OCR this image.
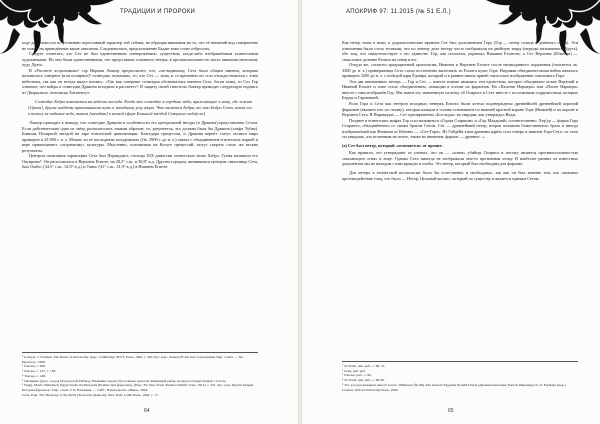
ТРАДИЦИИ И ПРОРОКИ

ходе деятельности по утонению агрессивный характер той собаки, не обращая внимания на то, что её внешний вид совершенно не похож на приведённые выше описания. Следовательно, предположение Бадже тоже стоит отбросить.

Следует отметить, что Сет не был единственным «невероятным» существом, когда-либо изображённым египетскими художниками. Но они были единственными, что представили основного нетера, в противоположность чисто анималистическому чуду Дуата.

В «Рассвете астрономии»¹ сэр Норман Локьер предполагает, что, «по-видимому, Сета было общим именем, которым называлось северное (или полярное)² созвездие; возможно, то, что Сет — тьма, и со временем он стал отождествляться с этим небесным, так как он всегда видел ночью». «Так как северные созвездия обозначались именем Сета, богов тьмы, то Сет Гор означает, что вайды в созвездии Дракона всходили в рассвете»³. В защиту своей гипотезы Локьер приводит следующую надпись из Дворцового летописца Хатшепсут:

Созвездие Бедра появляется на небесах восходя. Когда это созвездие в середине неба, прилегающие к нему, где лежит [Орион], другие найдены прикованными путь к западному углу взора. Что касается Бедра, то это Бедро Сета, покоя его к полюсу не видимое небо, таким [находят] в вечной сфере Большой звездой Северного неба[сла].

Локьер приходит к выводу, что созвездие Дракона и особенности его центральной звезды (α Дракона) представлены Сетом. Если действительно одна из звёзд располагалась такими образом, то, разумеется, это должна была бы Дракона (альфа Тубан). Бывшая Полярной звездой на заре египетской цивилизации. Благодаря прецессии, α Дракона вернёт статус полюса мира примерно в 23 000 г. н. э. Можно ли её последнюю полуднимать (Ок. 3900 г. до н. э.) связал с объединением египетских первой и вере приписывают «отцоватому» культуры. Мысленно, основанная на Когуге прецессий, могут сыграть столь же веские результаты.

Центром почитания характерна Сета был Пермиджет, столица XIX династии египетского нома Хабро. Гуемя называли его Оксиринх⁵. Он располагался в Верхнем Египте, на 28,5° с.ш. и 30,8° в.д. Другим городом, являвшимся центром святилища Сета, был Омбос (34,5° с.ш., 32,9° в.д.) и Танис (31° с.ш., 31,9° в.д.) в Нижнем Египте.

¹ Lockyer, J. Norman. The Dawn of Astronomy. (пер.: Cambridge: M.I.T. Press, 1964. с. 302. Рус. изд.: Локьер Н. Рассвет астрономии. Пер. с англ. — М.: Прогресс, 1988.
² Там же, с. 369.
³ Там же, с. 147; с. 158.
⁴ Там же, с. 148.
⁵ Оксиринх (греч. «город Остроносой Рыбы»). Название города обусловлено культом священной рыбы, которую отождествляли с Сетом.
⁶ Wagg, Mavis. Hebräisch, Egypt Under the Pharaohs (Египет при фараонах). (Пер.: Ed. New York: Sheldon Smith's Sons, 1913). с. 451. Рус. изд.: Бругш Генрих. История фараонов / Пер. с нем. Г. К. Власкина. — СПб.: Издательство «Нева», 2004.
Сети, Paul. The Theology of the Devil (Теология Дьявола). New York: Lamb Press, 1964. с. 17.
64
АПОКРИФ 97: 11.2015 (№ 51 Е.Л.)

Как нетер тьмы в ночи, в додинастические времена Сет был дополнением Гору (Гор — нетер солнца и дневного света). Эти отношения были столь тесными, что по левому деле нетеру часто изображали на двойную тиару (нередко называемого Хруть), обе лиц, что свидетельствует о его единстве. Гор, как полагали, управлял Нижним Египтом, а Сет Верхним (Южным) — смысловое деление Египта на север и юг.

Откуда же, согласно традиционной археологии, Нижнем и Верхнем Египте после неожиданного поражения (считается ок. 3300 до н. э.) приверженцы Сета стали постепенно вытеснять из Египта культ Гора. Видимая объединительная война началась примерно 3200 до н. э. с победой царя Ёдмира, который и в ранние имена принёс нилотское изображение соколиного Гора.

Эти два неизменных нетера — Гор и Сет — вместе взятые являлись тем единством, которое объединяло позже Верхний и Нижний Египет и тоже стало объединением, лежащим в основе их фараонов. На «Палетке Нармера» или «Плите Нармера» вместе с ним изображён Гор. Мы знаем эту знаменитую палетку об Осирисе и Сете вместе с постоянным содружеством, которые Бердж и Гармонией.

Роли Гора и Сета как нетеров исходных неверхь Египта были хотела подтверждены древнейшей древнейшей короной фараонов (вышито изо по сплаву), которая плащом в сплава основанием по нижней красной короне Гора (Нижней) и по короне в Верхнем Сета. В Пирамидах — Сет одновременно «Бог воды» на гвардии, как утверждал Ведж.

Позднее в египетских мифах Гор стал называться «Гором Старшим» и «Гор Младший» соответственно. Хер'ур — форма Гора Старшего, объединённого со своим братом Сетом. Сет — древнейший нетер, вторая половина божественного брата и иногда изображаемый как Фенекия от Юноны — «Сет-Гора». Из Гибдёйя этим древним царём стал теперь и именем Гора-Сета: «и этом ты увидишь, что истинным на земле, также во внешнем, фараон — древние...»

(а) Сет был нетер, который «отличается» от прочих.

Как правило, это утверждают от ученых, что он — «клюв» убийцы Осириса и потому является противоположностью «пылающего огня» в лице. Однако Сета никогда не изображали чем-то противным этому. В наиболее ранних из известных документов мы не находим с ним вражды и злобы. Это нетер, который был необходим для фараона.

Для нетера в египетской космологии было бы естественно и необходимо, так как он был именно тем, кто оказывал противодействие тому, что было — Нетер, Цельный космос, который по существу и является единым Сетом.

¹ Te Velde, цит. раб., с. 68, 72.
² Сети, цит. раб.
³ Там же, раб., с. 90.
⁴ Te Velde, цит. раб., с. 69-90.
⁵ Тот, кто рассказывает нам об Сетах. Wilkinson (№ 68), The Ancient Egyptian Pyramid Texts (Древнеегипетские Тексты Пирамид). R. O. Faulkner (пер.). London: Oxford University Press, 1969.
65
